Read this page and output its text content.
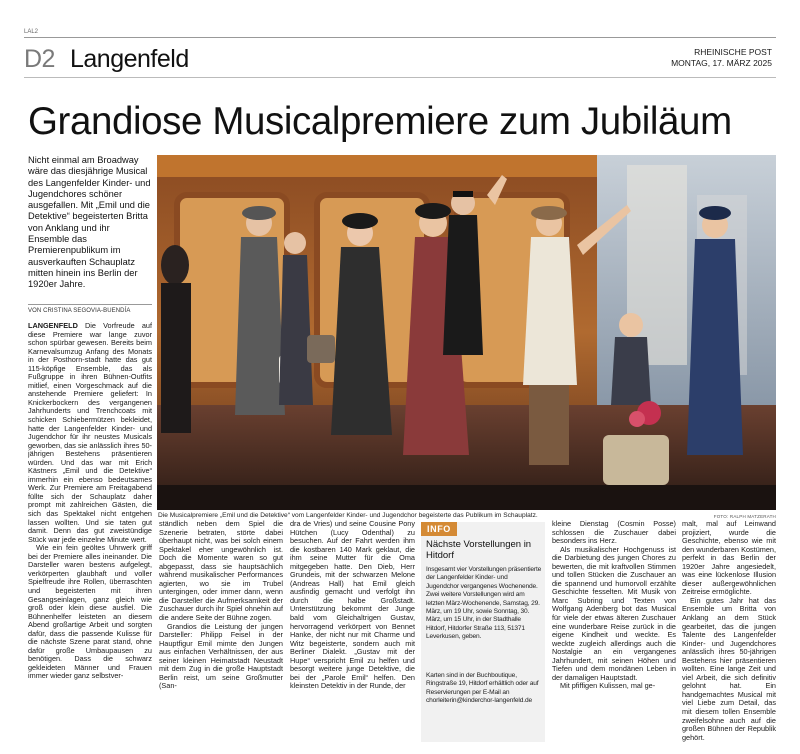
LAL2
D2 Langenfeld	RHEINISCHE POST
MONTAG, 17. MÄRZ 2025
Grandiose Musicalpremiere zum Jubiläum
Nicht einmal am Broadway wäre das diesjährige Musical des Langenfelder Kinder- und Jugendchores schöner ausgefallen. Mit „Emil und die Detektive“ begeisterten Britta von Anklang und ihr Ensemble das Premierenpublikum im ausverkauften Schauplatz mitten hinein ins Berlin der 1920er Jahre.
VON CRISTINA SEGOVIA-BUENDÍA

LANGENFELD Die Vorfreude auf diese Premiere war lange zuvor schon spürbar gewesen. Bereits beim Karnevalsumzug Anfang des Monats in der Posthorn-stadt hatte das gut 115-köpfige Ensemble, das als Fußgruppe in ihren Bühnen-Outfits mitlief, einen Vorgeschmack auf die anstehende Premiere geliefert: In Knickerbockern des vergangenen Jahrhunderts und Trenchcoats mit schicken Schiebermützen bekleidet, hatte der Langenfelder Kinder- und Jugendchor für ihr neustes Musicals geworben, das sie anlässlich ihres 50-jährigen Bestehens präsentieren würden. Und das war mit Erich Kästners „Emil und die Detektive“ immerhin ein ebenso bedeutsames Werk. Zur Premiere am Freitagabend füllte sich der Schauplatz daher prompt mit zahlreichen Gästen, die sich das Spektakel nicht entgehen lassen wollten. Und sie taten gut damit. Denn das gut zweistündige Stück war jede einzelne Minute wert.

Wie ein fein geöltes Uhrwerk griff bei der Premiere alles ineinander. Die Darsteller waren bestens aufgelegt, verkörperten glaubhaft und voller Spielfreude ihre Rollen, überraschten und begeisterten mit ihren Gesangseinlagen, ganz gleich wie groß oder klein diese ausfiel. Die Bühnenhelfer leisteten an diesem Abend großartige Arbeit und sorgten dafür, dass die passende Kulisse für die nächste Szene parat stand, ohne dafür große Umbaupausen zu benötigen. Dass die schwarz gekleideten Männer und Frauen immer wieder ganz selbstver-

Die Musicalpremiere „Emil und die Detektive“ vom Langenfelder Kinder- und Jugendchor begeisterte das Publikum im Schauplatz.	FOTO: RALPH MATZERATH

ständlich neben dem Spiel die Szenerie betraten, störte dabei überhaupt nicht, was bei solch einem Spektakel eher ungewöhnlich ist. Doch die Momente waren so gut abgepasst, dass sie hauptsächlich während musikalischer Performances agierten, wo sie im Trubel untergingen, oder immer dann, wenn die Darsteller die Aufmerksamkeit der Zuschauer durch ihr Spiel ohnehin auf die andere Seite der Bühne zogen.

Grandios die Leistung der jungen Darsteller: Philipp Feisel in der Hauptfigur Emil mimte den Jungen aus einfachen Verhältnissen, der aus seiner kleinen Heimatstadt Neustadt mit dem Zug in die große Hauptstadt Berlin reist, um seine Großmutter (San-

dra de Vries) und seine Cousine Pony Hütchen (Lucy Odenthal) zu besuchen. Auf der Fahrt werden ihm die kostbaren 140 Mark geklaut, die ihm seine Mutter für die Oma mitgegeben hatte. Den Dieb, Herr Grundeis, mit der schwarzen Melone (Andreas Hall) hat Emil gleich ausfindig gemacht und verfolgt ihn durch die halbe Großstadt. Unterstützung bekommt der Junge bald vom Gleichaltrigen Gustav, hervorragend verkörpert von Bennet Hanke, der nicht nur mit Charme und Witz begeisterte, sondern auch mit Berliner Dialekt. „Gustav mit der Hupe“ verspricht Emil zu helfen und besorgt weitere junge Detektive, die bei der „Parole Emil“ helfen. Den kleinsten Detektiv in der Runde, der

INFO
Nächste Vorstellungen in Hitdorf
Insgesamt vier Vorstellungen präsentierte der Langenfelder Kinder- und Jugendchor vergangenes Wochenende. Zwei weitere Vorstellungen wird am letzten März-Wochenende, Samstag, 29. März, um 19 Uhr, sowie Sonntag, 30. März, um 15 Uhr, in der Stadthalle Hitdorf, Hitdorfer Straße 113, 51371 Leverkusen, geben.
Karten sind in der Buchboutique, Ringstraße 19, Hitdorf erhältlich oder auf Reservierungen per E-Mail an chorleiterin@kinderchor-langenfeld.de

kleine Dienstag (Cosmin Posse) schlossen die Zuschauer dabei besonders ins Herz.

Als musikalischer Hochgenuss ist die Darbietung des jungen Chores zu bewerten, die mit kraftvollen Stimmen und tollen Stücken die Zuschauer an die spannend und humorvoll erzählte Geschichte fesselten. Mit Musik von Marc Subring und Texten von Wolfgang Adenberg bot das Musical für viele der etwas älteren Zuschauer eine wunderbare Reise zurück in die eigene Kindheit und weckte. Es weckte zugleich allerdings auch die Nostalgie an ein vergangenes Jahrhundert, mit seinen Höhen und Tiefen und dem mondänen Leben in der damaligen Hauptstadt.

Mit pfiffigen Kulissen, mal ge-

malt, mal auf Leinwand projiziert, wurde die Geschichte, ebenso wie mit den wunderbaren Kostümen, perfekt in das Berlin der 1920er Jahre angesiedelt, was eine lückenlose Illusion dieser außergewöhnlichen Zeitreise ermöglichte.

Ein gutes Jahr hat das Ensemble um Britta von Anklang an dem Stück gearbeitet, das die jungen Talente des Langenfelder Kinder- und Jugendchores anlässlich ihres 50-jährigen Bestehens hier präsentieren wollten. Eine lange Zeit und viel Arbeit, die sich definitiv gelohnt hat. Ein handgemachtes Musical mit viel Liebe zum Detail, das mit diesem tollen Ensemble zweifelsohne auch auf die großen Bühnen der Republik gehört.
